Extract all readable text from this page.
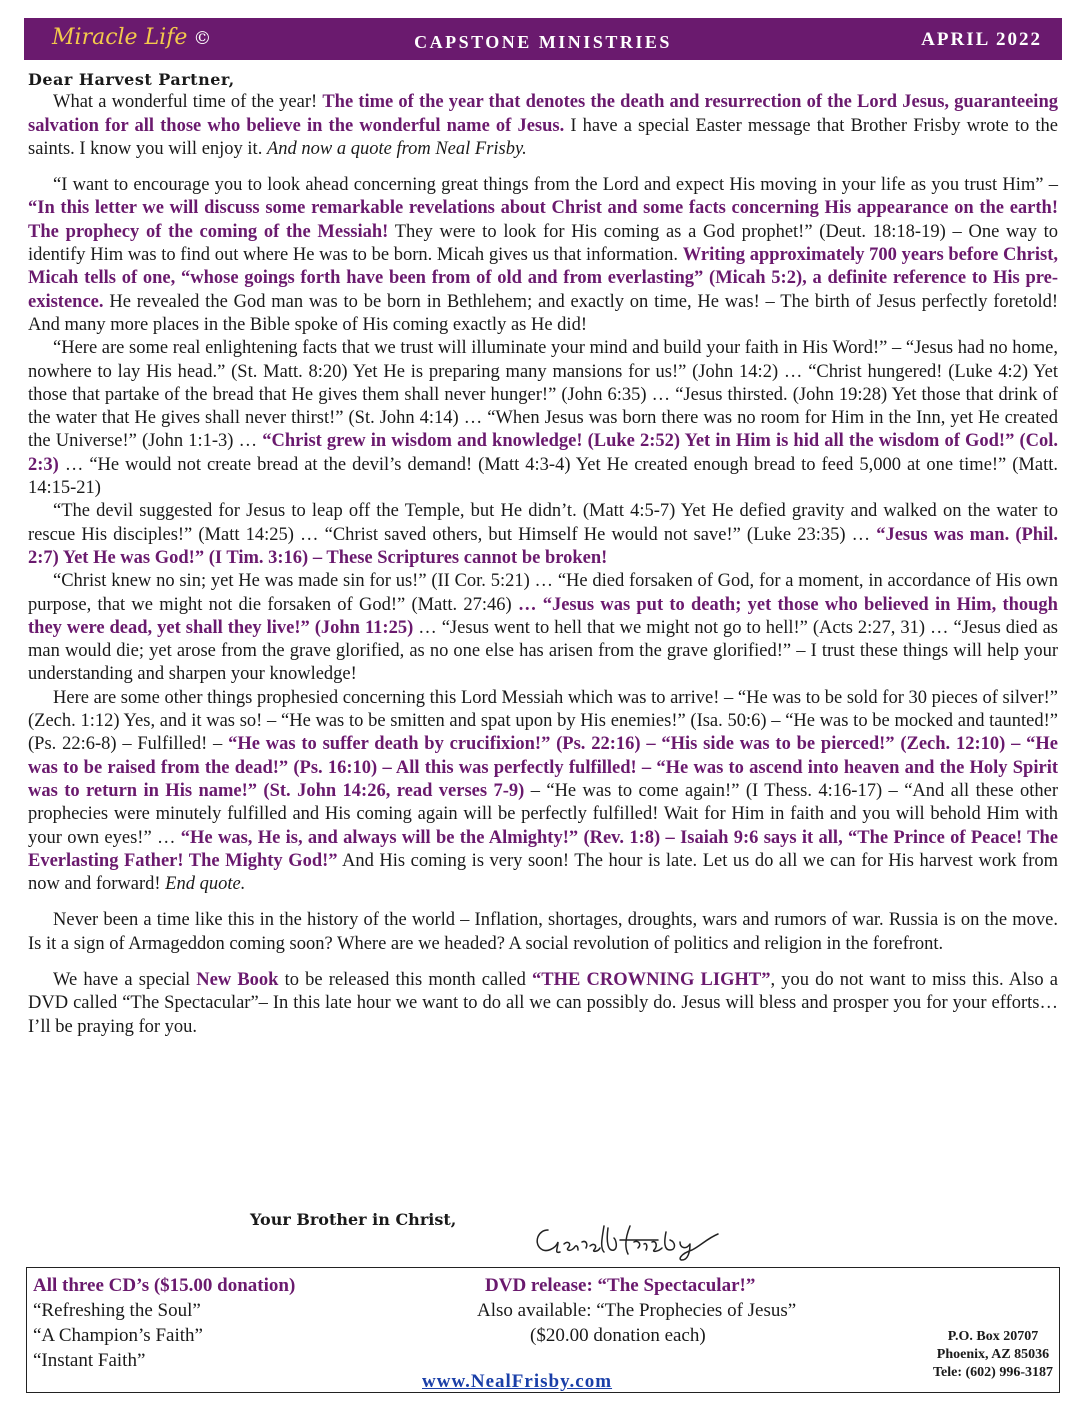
Miracle Life ©	CAPSTONE MINISTRIES	APRIL 2022

Dear Harvest Partner,

What a wonderful time of the year! The time of the year that denotes the death and resurrection of the Lord Jesus, guaranteeing salvation for all those who believe in the wonderful name of Jesus. I have a special Easter message that Brother Frisby wrote to the saints. I know you will enjoy it. And now a quote from Neal Frisby.

“I want to encourage you to look ahead concerning great things from the Lord and expect His moving in your life as you trust Him” – “In this letter we will discuss some remarkable revelations about Christ and some facts concerning His appearance on the earth! The prophecy of the coming of the Messiah! They were to look for His coming as a God prophet!” (Deut. 18:18-19) – One way to identify Him was to find out where He was to be born. Micah gives us that information. Writing approximately 700 years before Christ, Micah tells of one, “whose goings forth have been from of old and from everlasting” (Micah 5:2), a definite reference to His pre-existence. He revealed the God man was to be born in Bethlehem; and exactly on time, He was! – The birth of Jesus perfectly foretold! And many more places in the Bible spoke of His coming exactly as He did!

“Here are some real enlightening facts that we trust will illuminate your mind and build your faith in His Word!” – “Jesus had no home, nowhere to lay His head.” (St. Matt. 8:20) Yet He is preparing many mansions for us!” (John 14:2) … “Christ hungered! (Luke 4:2) Yet those that partake of the bread that He gives them shall never hunger!” (John 6:35) … “Jesus thirsted. (John 19:28) Yet those that drink of the water that He gives shall never thirst!” (St. John 4:14) … “When Jesus was born there was no room for Him in the Inn, yet He created the Universe!” (John 1:1-3) … “Christ grew in wisdom and knowledge! (Luke 2:52) Yet in Him is hid all the wisdom of God!” (Col. 2:3) … “He would not create bread at the devil’s demand! (Matt 4:3-4) Yet He created enough bread to feed 5,000 at one time!” (Matt. 14:15-21)

“The devil suggested for Jesus to leap off the Temple, but He didn’t. (Matt 4:5-7) Yet He defied gravity and walked on the water to rescue His disciples!” (Matt 14:25) … “Christ saved others, but Himself He would not save!” (Luke 23:35) … “Jesus was man. (Phil. 2:7) Yet He was God!” (I Tim. 3:16) – These Scriptures cannot be broken!

“Christ knew no sin; yet He was made sin for us!” (II Cor. 5:21) … “He died forsaken of God, for a moment, in accordance of His own purpose, that we might not die forsaken of God!” (Matt. 27:46) … “Jesus was put to death; yet those who believed in Him, though they were dead, yet shall they live!” (John 11:25) … “Jesus went to hell that we might not go to hell!” (Acts 2:27, 31) … “Jesus died as man would die; yet arose from the grave glorified, as no one else has arisen from the grave glorified!” – I trust these things will help your understanding and sharpen your knowledge!

Here are some other things prophesied concerning this Lord Messiah which was to arrive! – “He was to be sold for 30 pieces of silver!” (Zech. 1:12) Yes, and it was so! – “He was to be smitten and spat upon by His enemies!” (Isa. 50:6) – “He was to be mocked and taunted!” (Ps. 22:6-8) – Fulfilled! – “He was to suffer death by crucifixion!” (Ps. 22:16) – “His side was to be pierced!” (Zech. 12:10) – “He was to be raised from the dead!” (Ps. 16:10) – All this was perfectly fulfilled! – “He was to ascend into heaven and the Holy Spirit was to return in His name!” (St. John 14:26, read verses 7-9) – “He was to come again!” (I Thess. 4:16-17) – “And all these other prophecies were minutely fulfilled and His coming again will be perfectly fulfilled! Wait for Him in faith and you will behold Him with your own eyes!” … “He was, He is, and always will be the Almighty!” (Rev. 1:8) – Isaiah 9:6 says it all, “The Prince of Peace! The Everlasting Father! The Mighty God!” And His coming is very soon! The hour is late. Let us do all we can for His harvest work from now and forward! End quote.

Never been a time like this in the history of the world – Inflation, shortages, droughts, wars and rumors of war. Russia is on the move. Is it a sign of Armageddon coming soon? Where are we headed? A social revolution of politics and religion in the forefront.

We have a special New Book to be released this month called “THE CROWNING LIGHT”, you do not want to miss this. Also a DVD called “The Spectacular”– In this late hour we want to do all we can possibly do. Jesus will bless and prosper you for your efforts… I’ll be praying for you.

Your Brother in Christ,
All three CD’s ($15.00 donation)
“Refreshing the Soul”
“A Champion’s Faith”
“Instant Faith”
DVD release: “The Spectacular!”
Also available: “The Prophecies of Jesus”
($20.00 donation each)
www.NealFrisby.com
P.O. Box 20707
Phoenix, AZ 85036
Tele: (602) 996-3187
